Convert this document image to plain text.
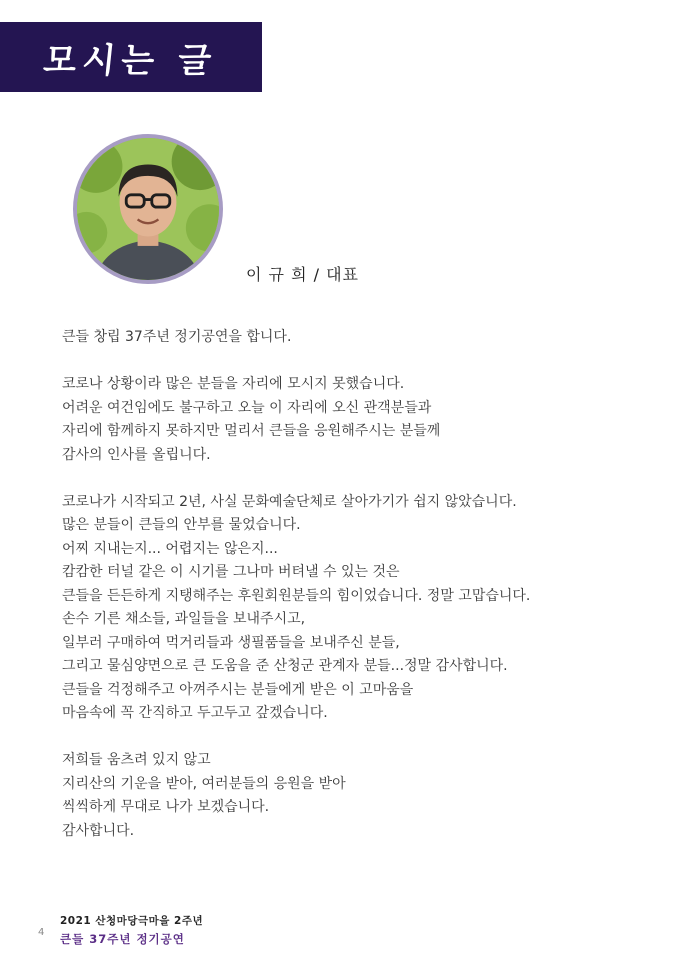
모시는 글
이 규 희 / 대표

큰들 창립 37주년 정기공연을 합니다.

코로나 상황이라 많은 분들을 자리에 모시지 못했습니다.
어려운 여건임에도 불구하고 오늘 이 자리에 오신 관객분들과
자리에 함께하지 못하지만 멀리서 큰들을 응원해주시는 분들께
감사의 인사를 올립니다.

코로나가 시작되고 2년, 사실 문화예술단체로 살아가기가 쉽지 않았습니다.
많은 분들이 큰들의 안부를 물었습니다.
어찌 지내는지... 어렵지는 않은지...
캄캄한 터널 같은 이 시기를 그나마 버텨낼 수 있는 것은
큰들을 든든하게 지탱해주는 후원회원분들의 힘이었습니다. 정말 고맙습니다.
손수 기른 채소들, 과일들을 보내주시고,
일부러 구매하여 먹거리들과 생필품들을 보내주신 분들,
그리고 물심양면으로 큰 도움을 준 산청군 관계자 분들...정말 감사합니다.
큰들을 걱정해주고 아껴주시는 분들에게 받은 이 고마움을
마음속에 꼭 간직하고 두고두고 갚겠습니다.

저희들 움츠려 있지 않고
지리산의 기운을 받아, 여러분들의 응원을 받아
씩씩하게 무대로 나가 보겠습니다.
감사합니다.

4
2021 산청마당극마을 2주년
큰들 37주년 정기공연
